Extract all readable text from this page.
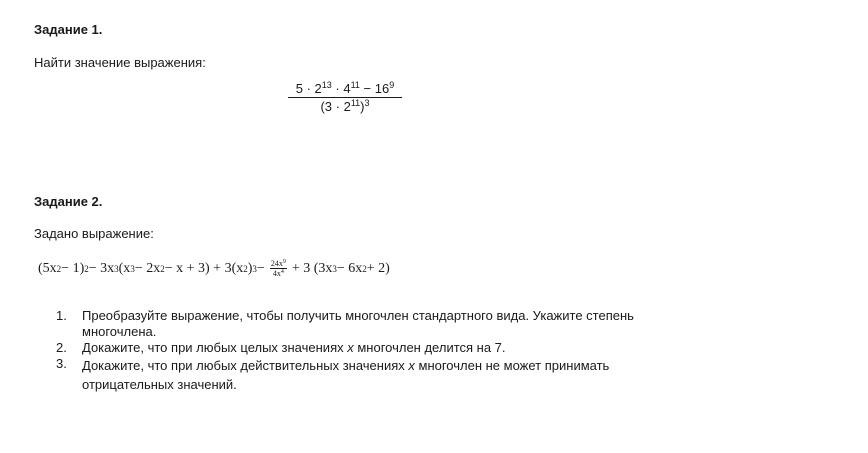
Задание 1.
Найти значение выражения:
$\frac{5 \cdot 2^{13} \cdot 4^{11} - 16^9}{(3 \cdot 2^{11})^3}$
Задание 2.
Задано выражение:
(5x 2 − 1) 2 − 3x 3 (x 3 − 2x 2 − x + 3) + 3(x 2 ) $3 - \frac{24x^9}{4x^4} + 3$ (3x 3 − 6x 2 + 2)
1.	Преобразуйте выражение, чтобы получить многочлен стандартного вида. Укажите степень многочлена.
2.	Докажите, что при любых целых значениях x многочлен делится на 7.
3.	Докажите, что при любых действительных значениях x многочлен не может принимать отрицательных значений.
